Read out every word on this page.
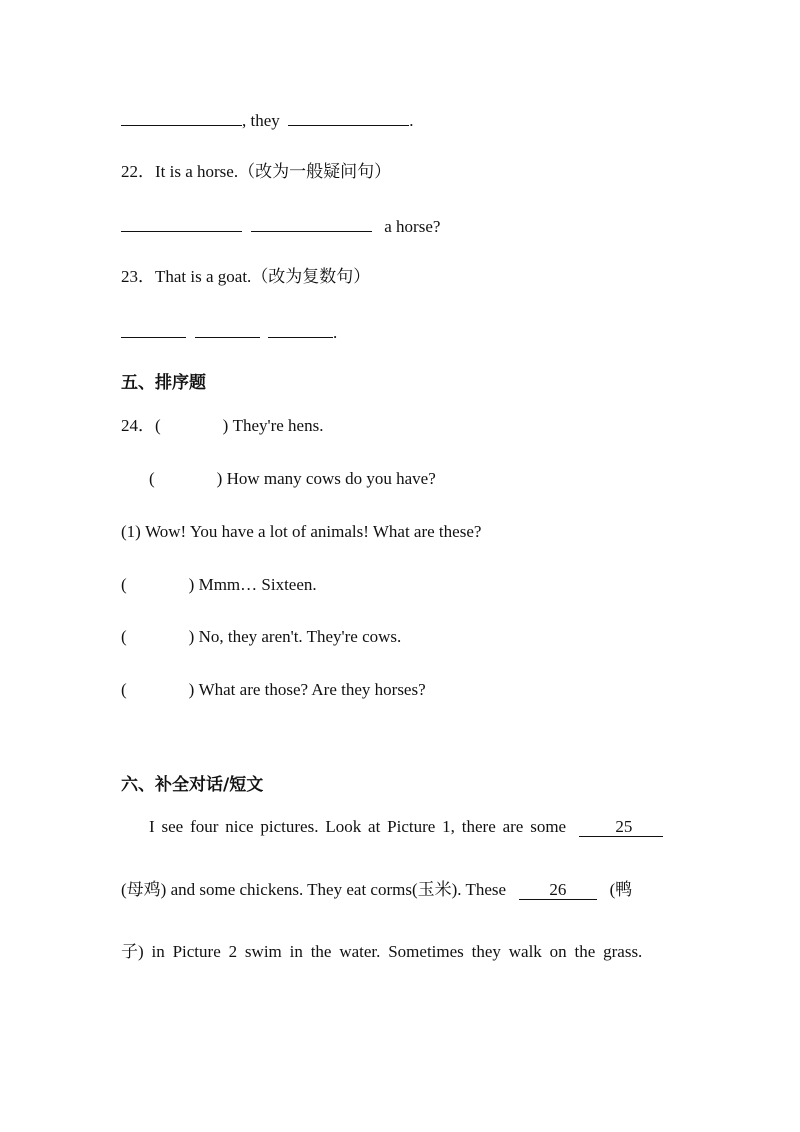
, they	.
22．It is a horse.（改为一般疑问句）
a horse?
23．That is a goat.（改为复数句）
.
五、排序题
24．(	) They're hens.
(	) How many cows do you have?
(1) Wow! You have a lot of animals! What are these?
(	) Mmm… Sixteen.
(	) No, they aren't. They're cows.
(	) What are those? Are they horses?
六、补全对话/短文
I see four nice pictures. Look at Picture 1, there are some	25
(母鸡) and some chickens. They eat corms(玉米). These	26	(鸭
子) in Picture 2 swim in the water. Sometimes they walk on the grass.
